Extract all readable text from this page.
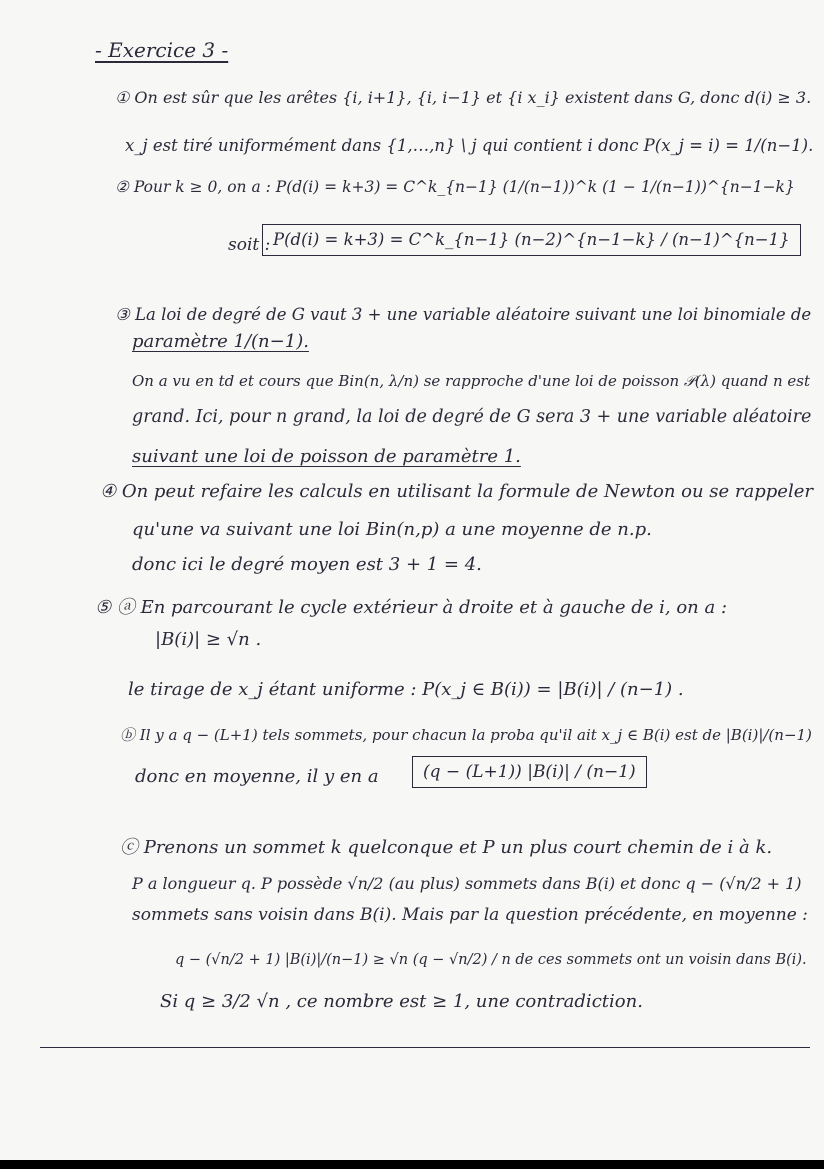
- Exercice 3 -
① On est sûr que les arêtes {i, i+1}, {i, i−1} et {i x_i} existent dans G, donc d(i) ≥ 3.
x_j est tiré uniformément dans {1,…,n} \ j qui contient i donc P(x_j = i) = 1/(n−1).
② Pour k ≥ 0, on a : P(d(i) = k+3) = C^k_{n−1} (1/(n−1))^k (1 − 1/(n−1))^{n−1−k}
soit : P(d(i) = k+3) = C^k_{n−1} (n−2)^{n−1−k} / (n−1)^{n−1}
③ La loi de degré de G vaut 3 + une variable aléatoire suivant une loi binomiale de
paramètre 1/(n−1).
On a vu en td et cours que Bin(n, λ/n) se rapproche d'une loi de poisson 𝒫(λ) quand n est
grand. Ici, pour n grand, la loi de degré de G sera 3 + une variable aléatoire
suivant une loi de poisson de paramètre 1.
④ On peut refaire les calculs en utilisant la formule de Newton ou se rappeler
qu'une va suivant une loi Bin(n,p) a une moyenne de n.p.
donc ici le degré moyen est 3 + 1 = 4.
⑤ ⓐ En parcourant le cycle extérieur à droite et à gauche de i, on a :
|B(i)| ≥ √n .
le tirage de x_j étant uniforme : P(x_j ∈ B(i)) = |B(i)| / (n−1) .
ⓑ Il y a q − (L+1) tels sommets, pour chacun la proba qu'il ait x_j ∈ B(i) est de |B(i)|/(n−1)
donc en moyenne, il y en a	(q − (L+1)) |B(i)| / (n−1)
ⓒ Prenons un sommet k quelconque et P un plus court chemin de i à k.
P a longueur q. P possède √n/2 (au plus) sommets dans B(i) et donc q − (√n/2 + 1)
sommets sans voisin dans B(i). Mais par la question précédente, en moyenne :
q − (√n/2 + 1) |B(i)|/(n−1) ≥ √n (q − √n/2) / n de ces sommets ont un voisin dans B(i).
Si q ≥ 3/2 √n , ce nombre est ≥ 1, une contradiction.
